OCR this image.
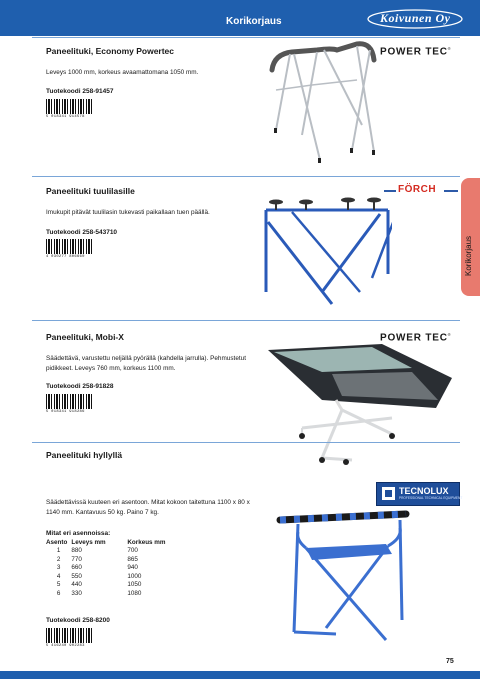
Korikorjaus	Koivunen Oy
Korikorjaus
Paneelituki, Economy Powertec
Leveys 1000 mm, korkeus avaamattomana 1050 mm.
Tuotekoodi 258-91457
5 018341 914578
POWER TEC®
Paneelituki tuulilasille
Imukupit pitävät tuulilasin tukevasti paikallaan tuen päällä.
Tuotekoodi 258-543710
4 030277 806660
FÖRCH
Paneelituki, Mobi-X
Säädettävä, varustettu neljällä pyörällä (kahdella jarrulla). Pehmustetut pidikkeet. Leveys 760 mm, korkeus 1100 mm.
Tuotekoodi 258-91828
5 018341 918286
POWER TEC®
Paneelituki hyllyllä
Säädettävissä kuuteen eri asentoon. Mitat kokoon taitettuna 1100 x 80 x 1140 mm. Kantavuus 50 kg. Paino 7 kg.
Mitat eri asennoissa:
Asento	Leveys mm	Korkeus mm
1	880	700
2	770	865
3	660	940
4	550	1000
5	440	1050
6	330	1080
Tuotekoodi 258-8200
5 416240 902283
TECNOLUX
PROFESSIONAL TECHNICAL EQUIPMENT
75
